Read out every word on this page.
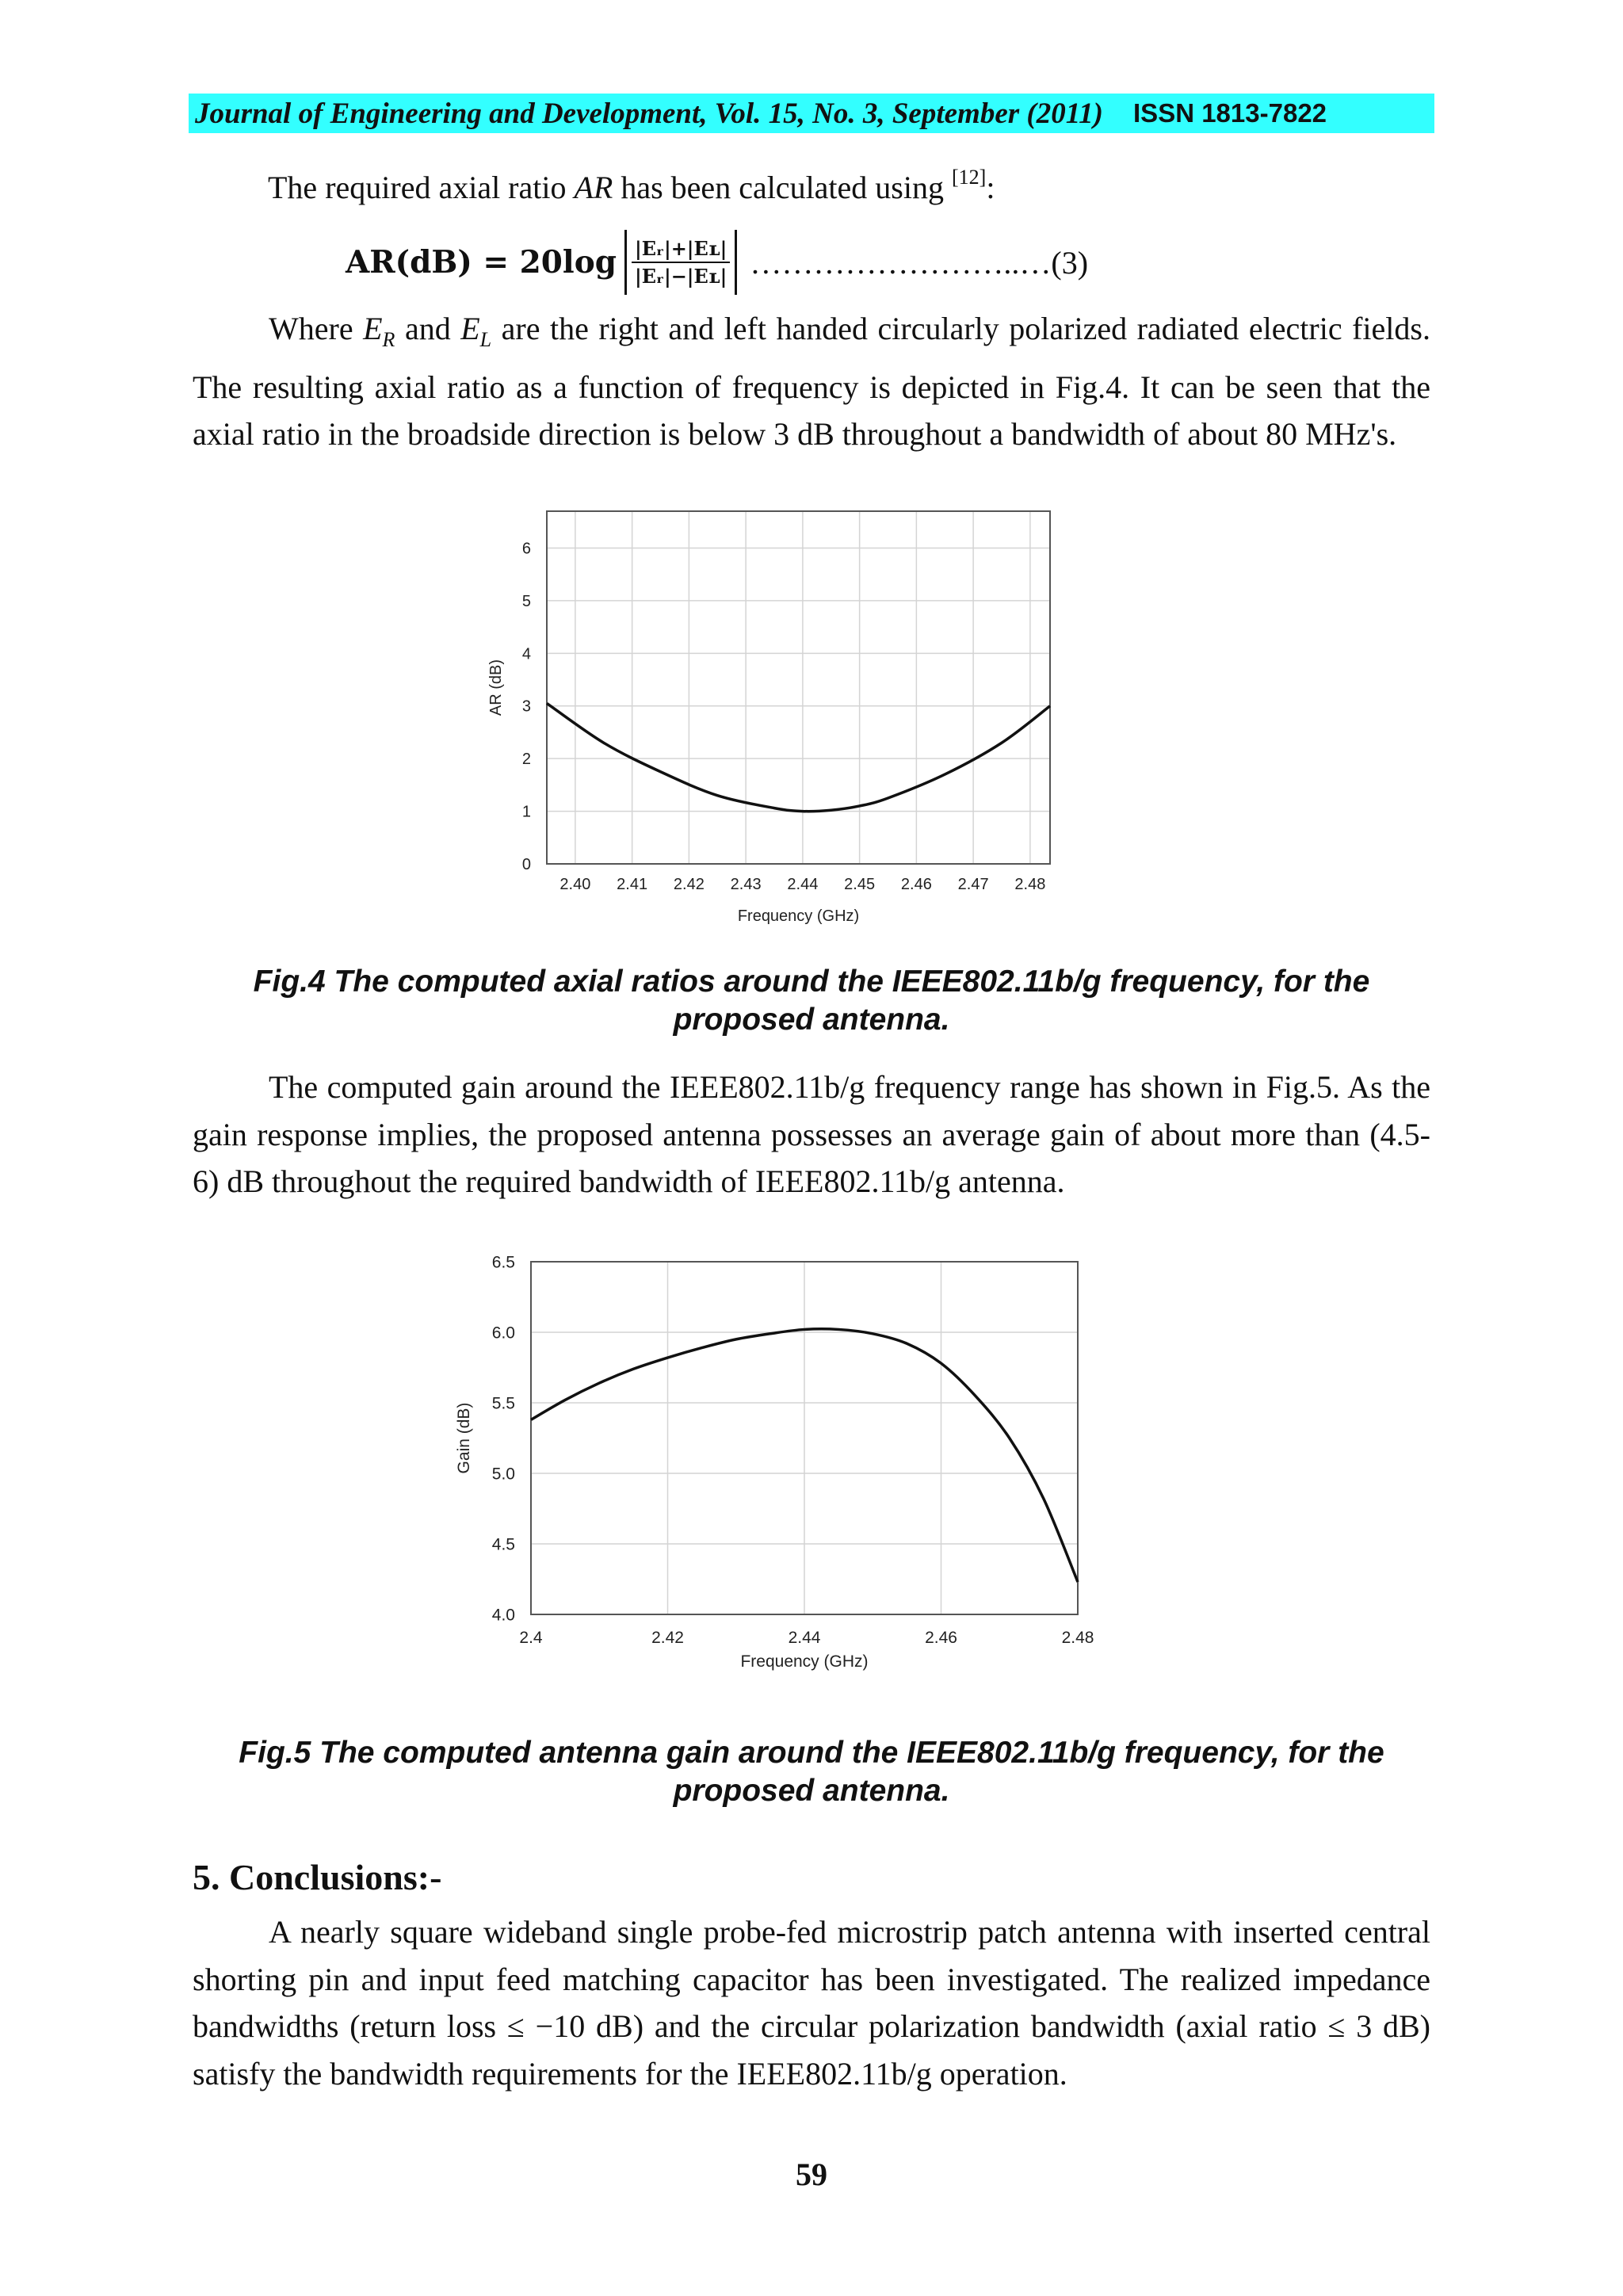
Journal of Engineering and Development, Vol. 15, No. 3, September (2011) ISSN 1813-7822
The required axial ratio AR has been calculated using [12]:
$AR(dB) = 20\log \frac{\text{|Eᵣ|+|Eʟ|}}{\text{|Eᵣ|−|Eʟ|}}$ ……………………..…(3)

Where $E_R$ and $E_L$ are the right and left handed circularly polarized radiated electric fields. The resulting axial ratio as a function of frequency is depicted in Fig.4. It can be seen that the axial ratio in the broadside direction is below 3 dB throughout a bandwidth of about 80 MHz's.

2.40 2.41 2.42 2.43 2.44 2.45 2.46 2.47 2.48
0
1
2
3
4
5
6
Frequency (GHz)
AR (dB)

Fig.4 The computed axial ratios around the IEEE802.11b/g frequency, for the proposed antenna.

The computed gain around the IEEE802.11b/g frequency range has shown in Fig.5. As the gain response implies, the proposed antenna possesses an average gain of about more than (4.5-6) dB throughout the required bandwidth of IEEE802.11b/g antenna.

2.4	2.42	2.44	2.46	2.48
4.0
4.5
5.0
5.5
6.0
6.5
Frequency (GHz)
Gain (dB)

Fig.5 The computed antenna gain around the IEEE802.11b/g frequency, for the proposed antenna.

5. Conclusions:-

A nearly square wideband single probe-fed microstrip patch antenna with inserted central shorting pin and input feed matching capacitor has been investigated. The realized impedance bandwidths (return loss ≤ −10 dB) and the circular polarization bandwidth (axial ratio ≤ 3 dB) satisfy the bandwidth requirements for the IEEE802.11b/g operation.

59
